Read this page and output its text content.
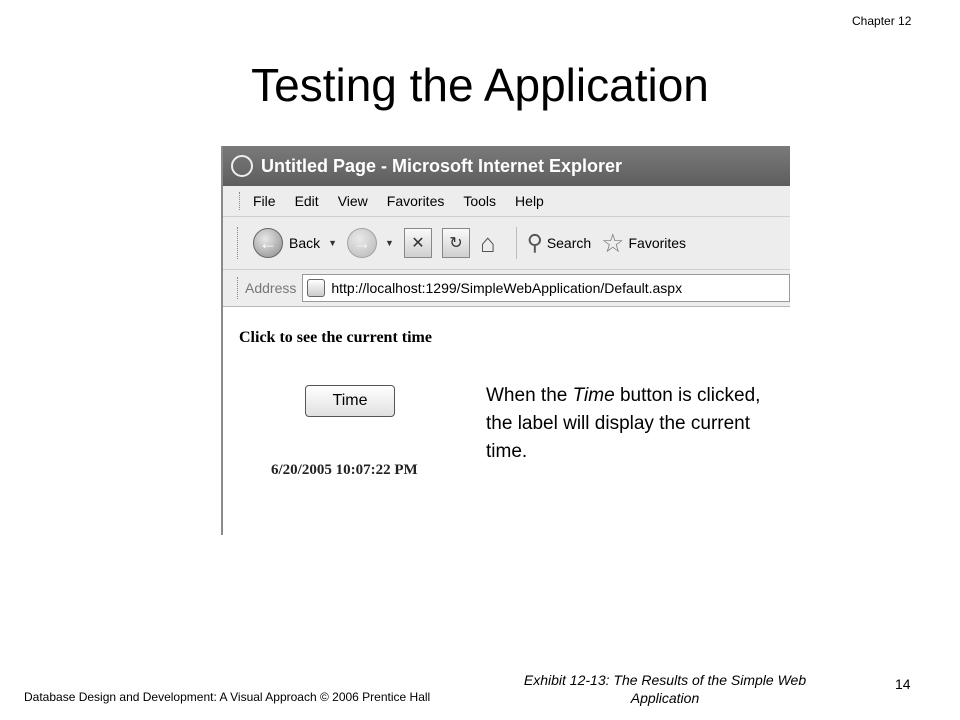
Chapter 12
Testing the Application
Untitled Page - Microsoft Internet Explorer
File Edit View Favorites Tools Help
← Back ▼ →	▼	✕	↻ ⌂ ⚲ Search ☆ Favorites
Address	http://localhost:1299/SimpleWebApplication/Default.aspx
Click to see the current time
Time
6/20/2005 10:07:22 PM
When the Time button is clicked, the label will display the current time.
Database Design and Development: A Visual Approach © 2006 Prentice Hall
Exhibit 12-13: The Results of the Simple Web Application
14
